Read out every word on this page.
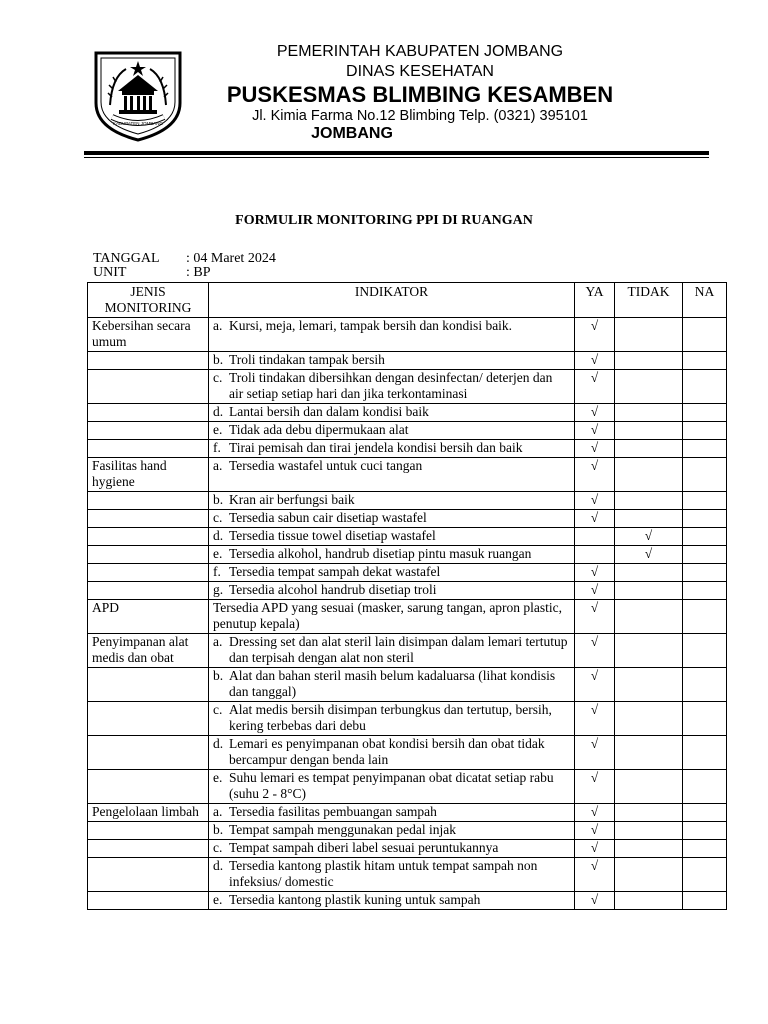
KABUPATEN JOMBANG
PEMERINTAH KABUPATEN JOMBANG
DINAS KESEHATAN
PUSKESMAS BLIMBING KESAMBEN
Jl. Kimia Farma No.12 Blimbing Telp. (0321) 395101
JOMBANG
FORMULIR MONITORING PPI DI RUANGAN
TANGGAL : 04 Maret 2024
UNIT	: BP
JENIS MONITORING	INDIKATOR	YA	TIDAK	NA
Kebersihan secara umum	a. Kursi, meja, lemari, tampak bersih dan kondisi baik.	√		

	b. Troli tindakan tampak bersih	√		

	c. Troli tindakan dibersihkan dengan desinfectan/ deterjen dan air setiap setiap hari dan jika terkontaminasi	√		

	d. Lantai bersih dan dalam kondisi baik	√		

	e. Tidak ada debu dipermukaan alat	√		

	f. Tirai pemisah dan tirai jendela kondisi bersih dan baik	√		
Fasilitas hand hygiene	a. Tersedia wastafel untuk cuci tangan	√		

	b. Kran air berfungsi baik	√		

	c. Tersedia sabun cair disetiap wastafel	√		

	d. Tersedia tissue towel disetiap wastafel		√	

	e. Tersedia alkohol, handrub disetiap pintu masuk ruangan		√	

	f. Tersedia tempat sampah dekat wastafel	√		

	g. Tersedia alcohol handrub disetiap troli	√		
APD	Tersedia APD yang sesuai (masker, sarung tangan, apron plastic, penutup kepala)	√		
Penyimpanan alat medis dan obat	a. Dressing set dan alat steril lain disimpan dalam lemari tertutup dan terpisah dengan alat non steril	√		

	b. Alat dan bahan steril masih belum kadaluarsa (lihat kondisis dan tanggal)	√		

	c. Alat medis bersih disimpan terbungkus dan tertutup, bersih, kering terbebas dari debu	√		

	d. Lemari es penyimpanan obat kondisi bersih dan obat tidak bercampur dengan benda lain	√		

	e. Suhu lemari es tempat penyimpanan obat dicatat setiap rabu (suhu 2 - 8°C)	√		
Pengelolaan limbah	a. Tersedia fasilitas pembuangan sampah	√		

	b. Tempat sampah menggunakan pedal injak	√		

	c. Tempat sampah diberi label sesuai peruntukannya	√		

	d. Tersedia kantong plastik hitam untuk tempat sampah non infeksius/ domestic	√		

	e. Tersedia kantong plastik kuning untuk sampah	√		
